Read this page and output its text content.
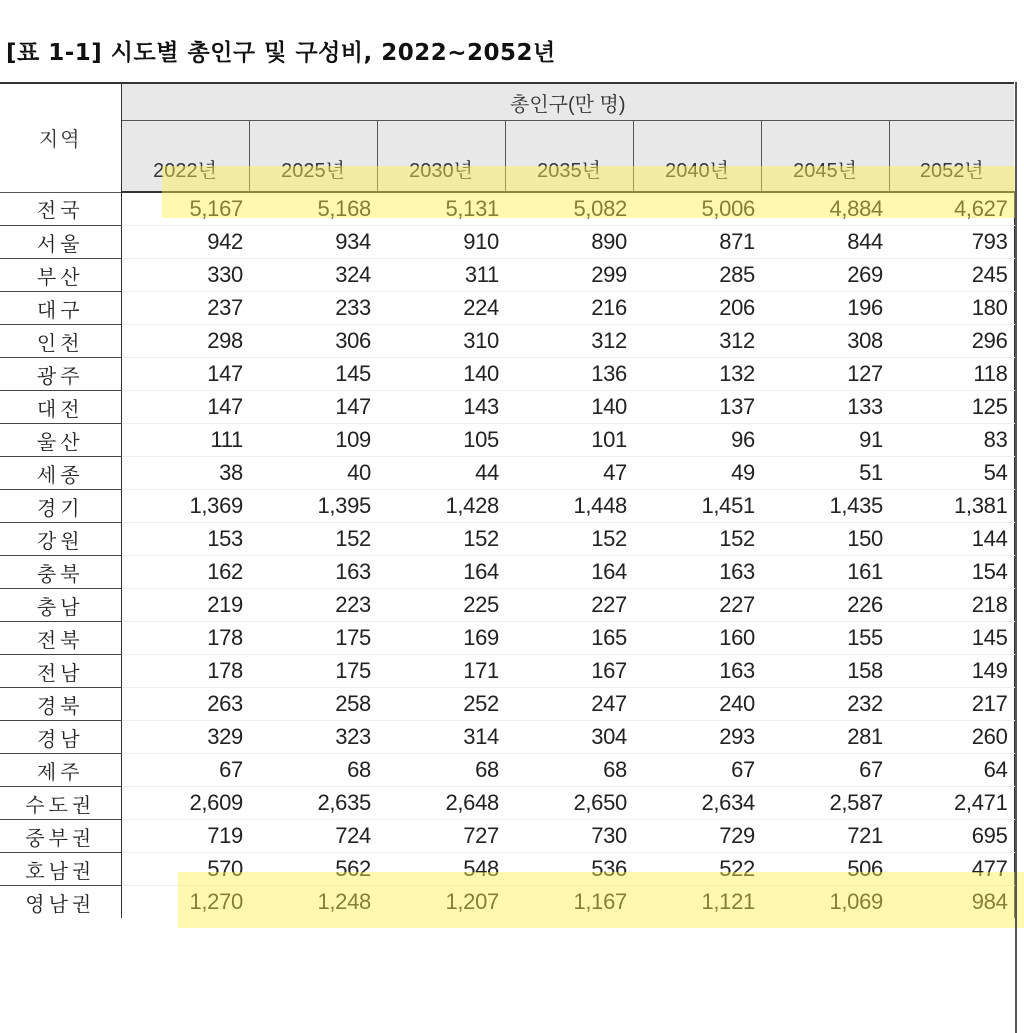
[표 1-1] 시도별 총인구 및 구성비, 2022~2052년
지역	총인구(만 명)						
	2022년	2025년	2030년	2035년	2040년	2045년	2052년
전국	5,167	5,168	5,131	5,082	5,006	4,884	4,627
서울	942	934	910	890	871	844	793
부산	330	324	311	299	285	269	245
대구	237	233	224	216	206	196	180
인천	298	306	310	312	312	308	296
광주	147	145	140	136	132	127	118
대전	147	147	143	140	137	133	125
울산	111	109	105	101	96	91	83
세종	38	40	44	47	49	51	54
경기	1,369	1,395	1,428	1,448	1,451	1,435	1,381
강원	153	152	152	152	152	150	144
충북	162	163	164	164	163	161	154
충남	219	223	225	227	227	226	218
전북	178	175	169	165	160	155	145
전남	178	175	171	167	163	158	149
경북	263	258	252	247	240	232	217
경남	329	323	314	304	293	281	260
제주	67	68	68	68	67	67	64
수도권	2,609	2,635	2,648	2,650	2,634	2,587	2,471
중부권	719	724	727	730	729	721	695
호남권	570	562	548	536	522	506	477
영남권	1,270	1,248	1,207	1,167	1,121	1,069	984
